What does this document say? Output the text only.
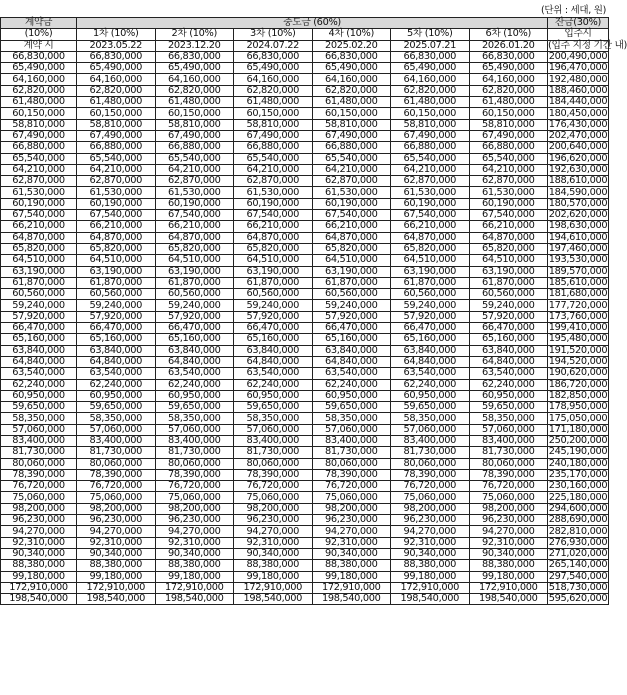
(단위 : 세대, 원)
계약금	중도금 (60%)						잔금(30%)
(10%)	1차 (10%)	2차 (10%)	3차 (10%)	4차 (10%)	5차 (10%)	6차 (10%)	입주시
계약 시	2023.05.22	2023.12.20	2024.07.22	2025.02.20	2025.07.21	2026.01.20	(입주 지정 기간 내)
66,830,000	66,830,000	66,830,000	66,830,000	66,830,000	66,830,000	66,830,000	200,490,000
65,490,000	65,490,000	65,490,000	65,490,000	65,490,000	65,490,000	65,490,000	196,470,000
64,160,000	64,160,000	64,160,000	64,160,000	64,160,000	64,160,000	64,160,000	192,480,000
62,820,000	62,820,000	62,820,000	62,820,000	62,820,000	62,820,000	62,820,000	188,460,000
61,480,000	61,480,000	61,480,000	61,480,000	61,480,000	61,480,000	61,480,000	184,440,000
60,150,000	60,150,000	60,150,000	60,150,000	60,150,000	60,150,000	60,150,000	180,450,000
58,810,000	58,810,000	58,810,000	58,810,000	58,810,000	58,810,000	58,810,000	176,430,000
67,490,000	67,490,000	67,490,000	67,490,000	67,490,000	67,490,000	67,490,000	202,470,000
66,880,000	66,880,000	66,880,000	66,880,000	66,880,000	66,880,000	66,880,000	200,640,000
65,540,000	65,540,000	65,540,000	65,540,000	65,540,000	65,540,000	65,540,000	196,620,000
64,210,000	64,210,000	64,210,000	64,210,000	64,210,000	64,210,000	64,210,000	192,630,000
62,870,000	62,870,000	62,870,000	62,870,000	62,870,000	62,870,000	62,870,000	188,610,000
61,530,000	61,530,000	61,530,000	61,530,000	61,530,000	61,530,000	61,530,000	184,590,000
60,190,000	60,190,000	60,190,000	60,190,000	60,190,000	60,190,000	60,190,000	180,570,000
67,540,000	67,540,000	67,540,000	67,540,000	67,540,000	67,540,000	67,540,000	202,620,000
66,210,000	66,210,000	66,210,000	66,210,000	66,210,000	66,210,000	66,210,000	198,630,000
64,870,000	64,870,000	64,870,000	64,870,000	64,870,000	64,870,000	64,870,000	194,610,000
65,820,000	65,820,000	65,820,000	65,820,000	65,820,000	65,820,000	65,820,000	197,460,000
64,510,000	64,510,000	64,510,000	64,510,000	64,510,000	64,510,000	64,510,000	193,530,000
63,190,000	63,190,000	63,190,000	63,190,000	63,190,000	63,190,000	63,190,000	189,570,000
61,870,000	61,870,000	61,870,000	61,870,000	61,870,000	61,870,000	61,870,000	185,610,000
60,560,000	60,560,000	60,560,000	60,560,000	60,560,000	60,560,000	60,560,000	181,680,000
59,240,000	59,240,000	59,240,000	59,240,000	59,240,000	59,240,000	59,240,000	177,720,000
57,920,000	57,920,000	57,920,000	57,920,000	57,920,000	57,920,000	57,920,000	173,760,000
66,470,000	66,470,000	66,470,000	66,470,000	66,470,000	66,470,000	66,470,000	199,410,000
65,160,000	65,160,000	65,160,000	65,160,000	65,160,000	65,160,000	65,160,000	195,480,000
63,840,000	63,840,000	63,840,000	63,840,000	63,840,000	63,840,000	63,840,000	191,520,000
64,840,000	64,840,000	64,840,000	64,840,000	64,840,000	64,840,000	64,840,000	194,520,000
63,540,000	63,540,000	63,540,000	63,540,000	63,540,000	63,540,000	63,540,000	190,620,000
62,240,000	62,240,000	62,240,000	62,240,000	62,240,000	62,240,000	62,240,000	186,720,000
60,950,000	60,950,000	60,950,000	60,950,000	60,950,000	60,950,000	60,950,000	182,850,000
59,650,000	59,650,000	59,650,000	59,650,000	59,650,000	59,650,000	59,650,000	178,950,000
58,350,000	58,350,000	58,350,000	58,350,000	58,350,000	58,350,000	58,350,000	175,050,000
57,060,000	57,060,000	57,060,000	57,060,000	57,060,000	57,060,000	57,060,000	171,180,000
83,400,000	83,400,000	83,400,000	83,400,000	83,400,000	83,400,000	83,400,000	250,200,000
81,730,000	81,730,000	81,730,000	81,730,000	81,730,000	81,730,000	81,730,000	245,190,000
80,060,000	80,060,000	80,060,000	80,060,000	80,060,000	80,060,000	80,060,000	240,180,000
78,390,000	78,390,000	78,390,000	78,390,000	78,390,000	78,390,000	78,390,000	235,170,000
76,720,000	76,720,000	76,720,000	76,720,000	76,720,000	76,720,000	76,720,000	230,160,000
75,060,000	75,060,000	75,060,000	75,060,000	75,060,000	75,060,000	75,060,000	225,180,000
98,200,000	98,200,000	98,200,000	98,200,000	98,200,000	98,200,000	98,200,000	294,600,000
96,230,000	96,230,000	96,230,000	96,230,000	96,230,000	96,230,000	96,230,000	288,690,000
94,270,000	94,270,000	94,270,000	94,270,000	94,270,000	94,270,000	94,270,000	282,810,000
92,310,000	92,310,000	92,310,000	92,310,000	92,310,000	92,310,000	92,310,000	276,930,000
90,340,000	90,340,000	90,340,000	90,340,000	90,340,000	90,340,000	90,340,000	271,020,000
88,380,000	88,380,000	88,380,000	88,380,000	88,380,000	88,380,000	88,380,000	265,140,000
99,180,000	99,180,000	99,180,000	99,180,000	99,180,000	99,180,000	99,180,000	297,540,000
172,910,000	172,910,000	172,910,000	172,910,000	172,910,000	172,910,000	172,910,000	518,730,000
198,540,000	198,540,000	198,540,000	198,540,000	198,540,000	198,540,000	198,540,000	595,620,000
